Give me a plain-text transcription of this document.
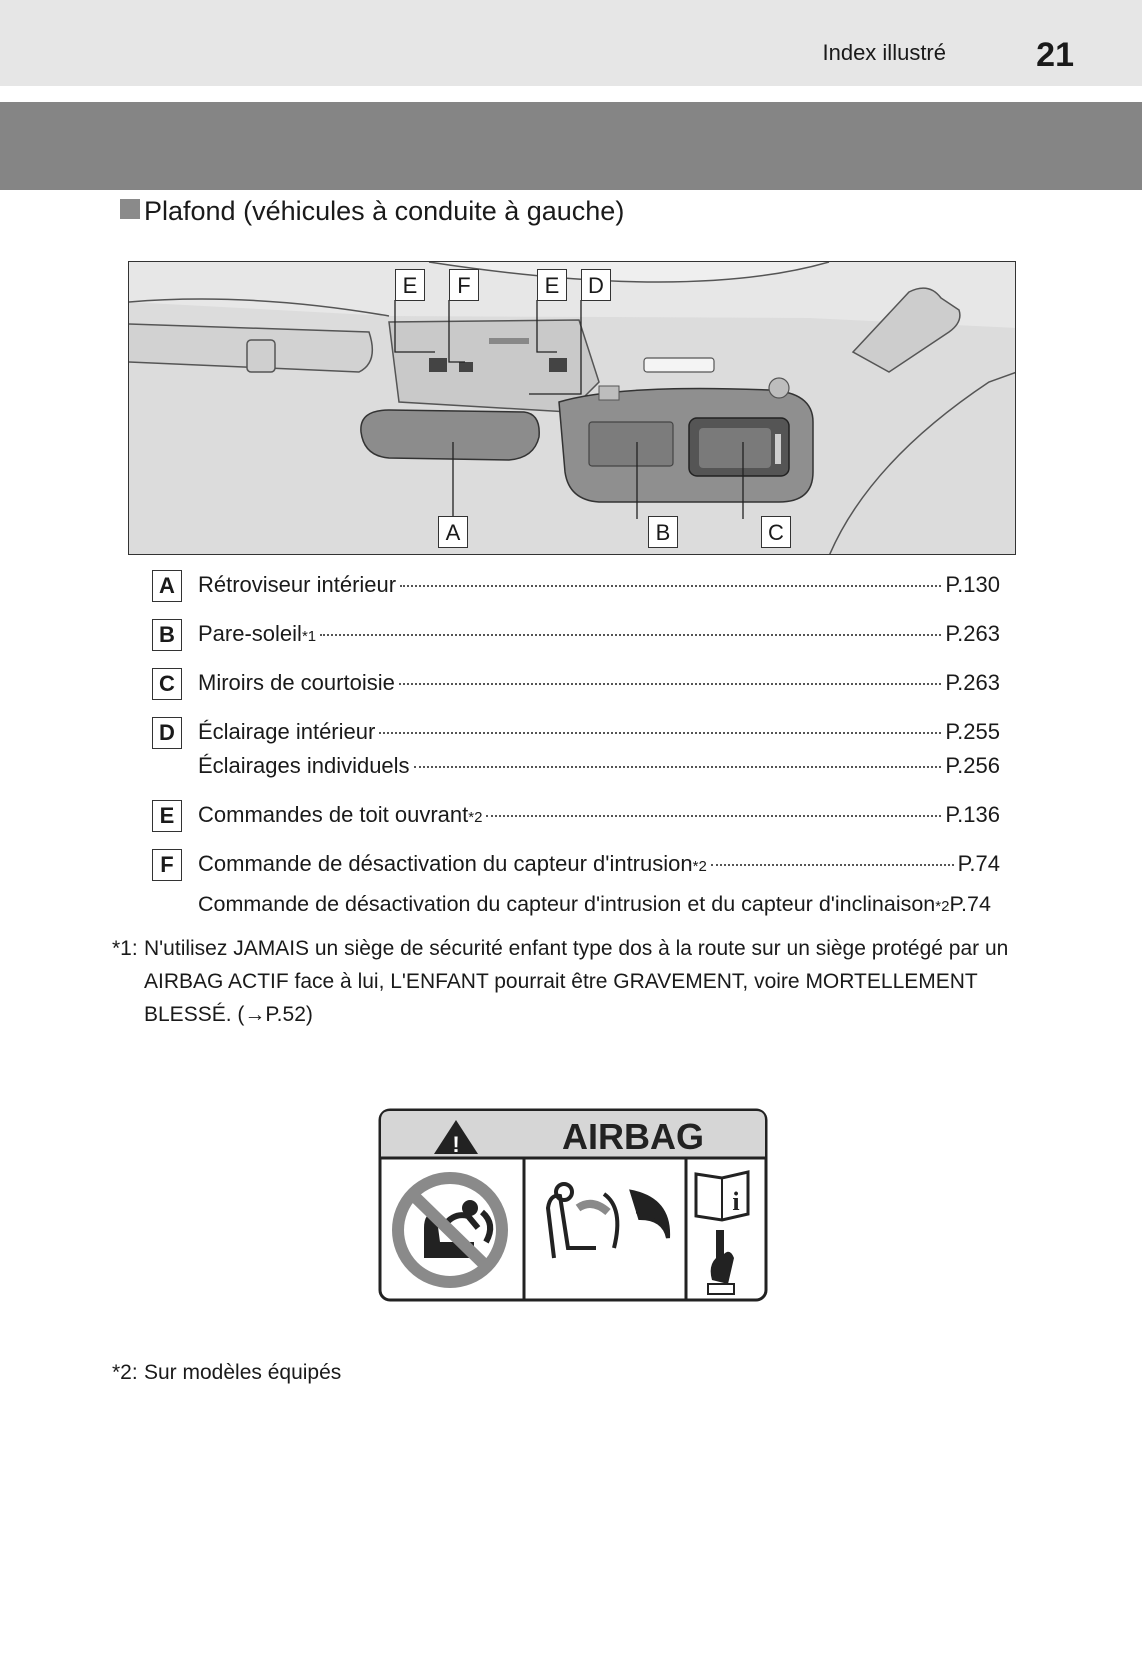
Index illustré	21
Plafond (véhicules à conduite à gauche)
E	F	E	D
A	B	C
A	Rétroviseur intérieur	P.130
B	Pare-soleil *1	P.263
C	Miroirs de courtoisie	P.263
D	Éclairage intérieur	P.255
Éclairages individuels	P.256
E	Commandes de toit ouvrant *2	P.136
F	Commande de désactivation du capteur d'intrusion *2	P.74
Commande de désactivation du capteur d'intrusion et du capteur d'inclinaison *2 P.74
*1: N'utilisez JAMAIS un siège de sécurité enfant type dos à la route sur un siège protégé par un
AIRBAG ACTIF face à lui, L'ENFANT pourrait être GRAVEMENT, voire MORTELLEMENT
BLESSÉ. (→P.52)
!	AIRBAG
i
*2: Sur modèles équipés
